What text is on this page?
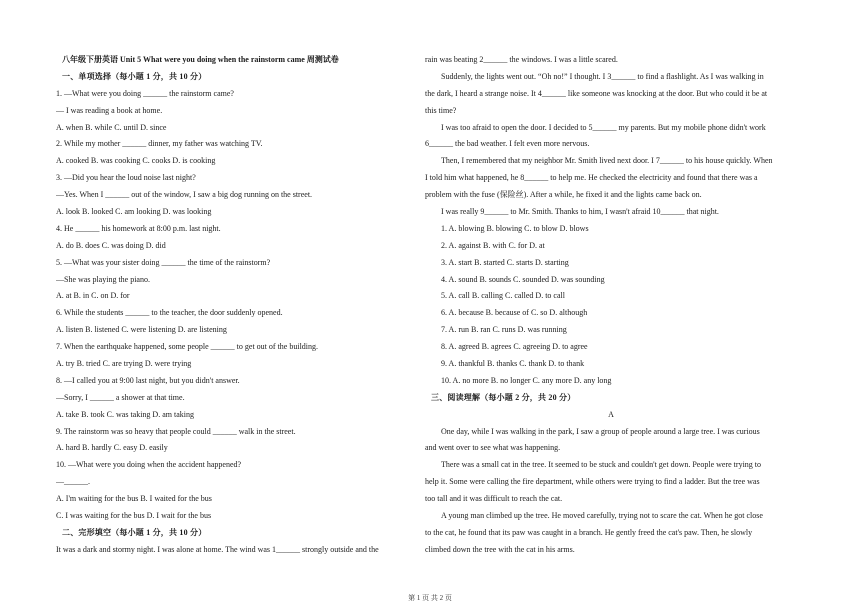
八年级下册英语 Unit 5 What were you doing when the rainstorm came 周测试卷
一、单项选择（每小题 1 分，共 10 分）
1. —What were you doing ______ the rainstorm came?
— I was reading a book at home.
A. when B. while C. until D. since
2. While my mother ______ dinner, my father was watching TV.
A. cooked B. was cooking C. cooks D. is cooking
3. —Did you hear the loud noise last night?
—Yes. When I ______ out of the window, I saw a big dog running on the street.
A. look B. looked C. am looking D. was looking
4. He ______ his homework at 8:00 p.m. last night.
A. do B. does C. was doing D. did
5. —What was your sister doing ______ the time of the rainstorm?
—She was playing the piano.
A. at B. in C. on D. for
6. While the students ______ to the teacher, the door suddenly opened.
A. listen B. listened C. were listening D. are listening
7. When the earthquake happened, some people ______ to get out of the building.
A. try B. tried C. are trying D. were trying
8. —I called you at 9:00 last night, but you didn't answer.
—Sorry, I ______ a shower at that time.
A. take B. took C. was taking D. am taking
9. The rainstorm was so heavy that people could ______ walk in the street.
A. hard B. hardly C. easy D. easily
10. —What were you doing when the accident happened?
—______.
A. I'm waiting for the bus B. I waited for the bus
C. I was waiting for the bus D. I wait for the bus
二、完形填空（每小题 1 分，共 10 分）
It was a dark and stormy night. I was alone at home. The wind was 1______ strongly outside and the
rain was beating 2______ the windows. I was a little scared.
Suddenly, the lights went out. “Oh no!” I thought. I 3______ to find a flashlight. As I was walking in
the dark, I heard a strange noise. It 4______ like someone was knocking at the door. But who could it be at
this time?
I was too afraid to open the door. I decided to 5______ my parents. But my mobile phone didn't work
6______ the bad weather. I felt even more nervous.
Then, I remembered that my neighbor Mr. Smith lived next door. I 7______ to his house quickly. When
I told him what happened, he 8______ to help me. He checked the electricity and found that there was a
problem with the fuse (保险丝). After a while, he fixed it and the lights came back on.
I was really 9______ to Mr. Smith. Thanks to him, I wasn't afraid 10______ that night.
1. A. blowing B. blowing C. to blow D. blows
2. A. against B. with C. for D. at
3. A. start B. started C. starts D. starting
4. A. sound B. sounds C. sounded D. was sounding
5. A. call B. calling C. called D. to call
6. A. because B. because of C. so D. although
7. A. run B. ran C. runs D. was running
8. A. agreed B. agrees C. agreeing D. to agree
9. A. thankful B. thanks C. thank D. to thank
10. A. no more B. no longer C. any more D. any long
三、阅读理解（每小题 2 分，共 20 分）
A
One day, while I was walking in the park, I saw a group of people around a large tree. I was curious
and went over to see what was happening.
There was a small cat in the tree. It seemed to be stuck and couldn't get down. People were trying to
help it. Some were calling the fire department, while others were trying to find a ladder. But the tree was
too tall and it was difficult to reach the cat.
A young man climbed up the tree. He moved carefully, trying not to scare the cat. When he got close
to the cat, he found that its paw was caught in a branch. He gently freed the cat's paw. Then, he slowly
climbed down the tree with the cat in his arms.
第 1 页 共 2 页
